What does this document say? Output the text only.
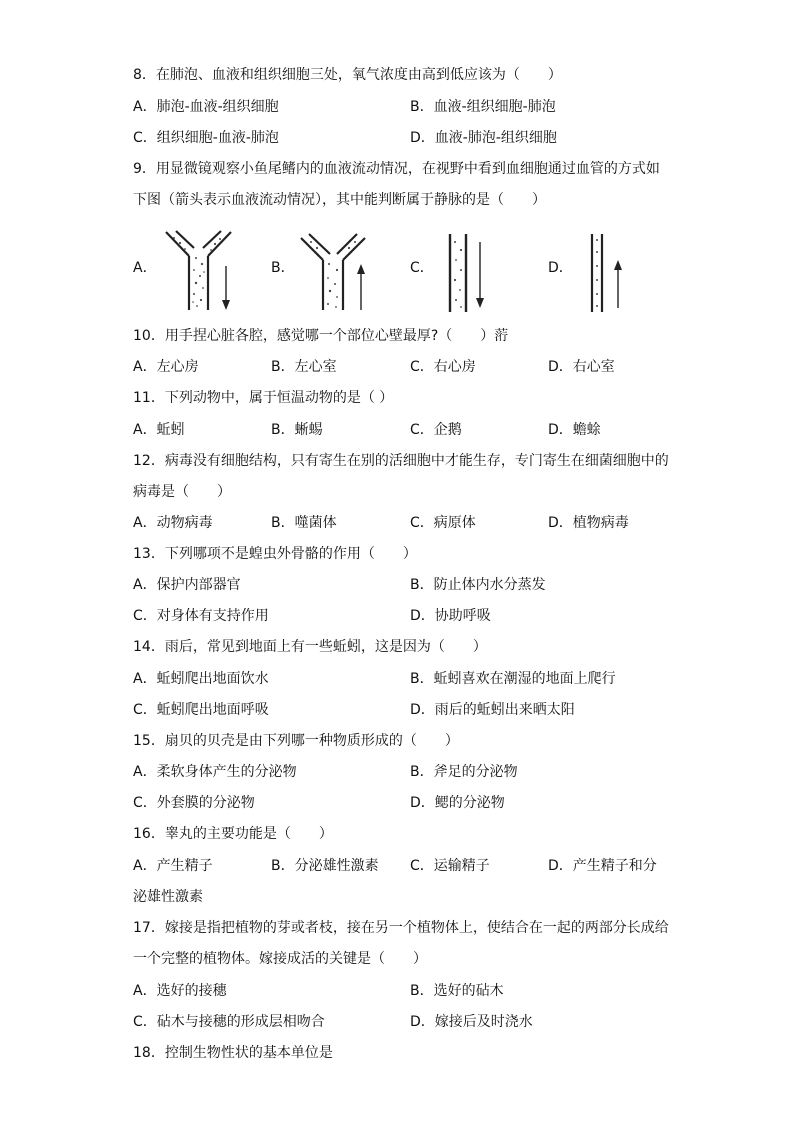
8．在肺泡、血液和组织细胞三处，氧气浓度由高到低应该为（　　）
A．肺泡-血液-组织细胞	B．血液-组织细胞-肺泡
C．组织细胞-血液-肺泡	D．血液-肺泡-组织细胞
9．用显微镜观察小鱼尾鳍内的血液流动情况，在视野中看到血细胞通过血管的方式如
下图（箭头表示血液流动情况），其中能判断属于静脉的是（　　）
A．	B．	C．	D．
10．用手捏心脏各腔，感觉哪一个部位心壁最厚?（　　）䓷
A．左心房	B．左心室	C．右心房	D．右心室
11．下列动物中，属于恒温动物的是（ ）
A．蚯蚓	B．蜥蜴	C．企鹅	D．蟾蜍
12．病毒没有细胞结构，只有寄生在别的活细胞中才能生存，专门寄生在细菌细胞中的
病毒是（　　）
A．动物病毒	B．噬菌体	C．病原体	D．植物病毒
13．下列哪项不是蝗虫外骨骼的作用（　　）
A．保护内部器官	B．防止体内水分蒸发
C．对身体有支持作用	D．协助呼吸
14．雨后，常见到地面上有一些蚯蚓，这是因为（　　）
A．蚯蚓爬出地面饮水	B．蚯蚓喜欢在潮湿的地面上爬行
C．蚯蚓爬出地面呼吸	D．雨后的蚯蚓出来晒太阳
15．扇贝的贝壳是由下列哪一种物质形成的（　　）
A．柔软身体产生的分泌物	B．斧足的分泌物
C．外套膜的分泌物	D．鳃的分泌物
16．睾丸的主要功能是（　　）
A．产生精子	B．分泌雄性激素 C．运输精子	D．产生精子和分
泌雄性激素
17．嫁接是指把植物的芽或者枝，接在另一个植物体上，使结合在一起的两部分长成给
一个完整的植物体。嫁接成活的关键是（　　）
A．选好的接穗	B．选好的砧木
C．砧木与接穗的形成层相吻合	D．嫁接后及时浇水
18．控制生物性状的基本单位是
